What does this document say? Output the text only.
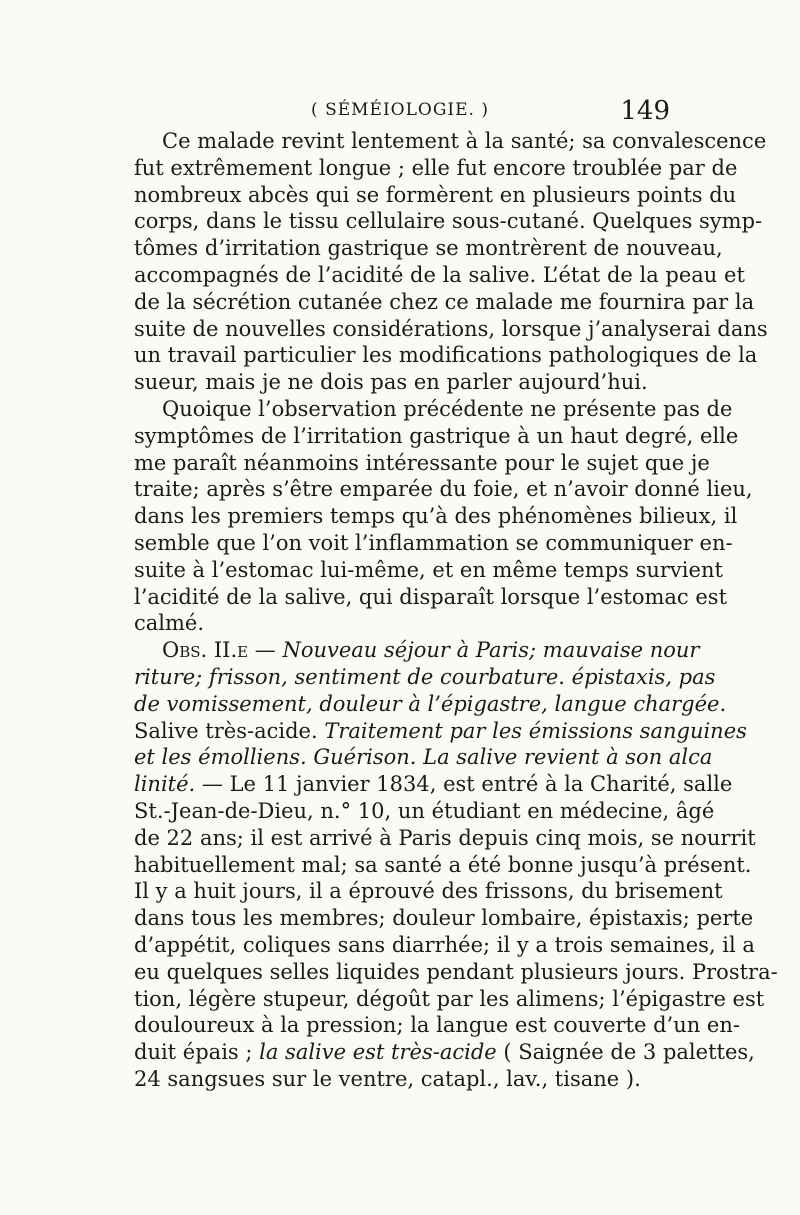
( SÉMÉIOLOGIE. )	149
Ce malade revint lentement à la santé; sa convalescence
fut extrêmement longue ; elle fut encore troublée par de
nombreux abcès qui se formèrent en plusieurs points du
corps, dans le tissu cellulaire sous-cutané. Quelques symp-
tômes d’irritation gastrique se montrèrent de nouveau,
accompagnés de l’acidité de la salive. L’état de la peau et
de la sécrétion cutanée chez ce malade me fournira par la
suite de nouvelles considérations, lorsque j’analyserai dans
un travail particulier les modifications pathologiques de la
sueur, mais je ne dois pas en parler aujourd’hui.
Quoique l’observation précédente ne présente pas de
symptômes de l’irritation gastrique à un haut degré, elle
me paraît néanmoins intéressante pour le sujet que je
traite; après s’être emparée du foie, et n’avoir donné lieu,
dans les premiers temps qu’à des phénomènes bilieux, il
semble que l’on voit l’inflammation se communiquer en-
suite à l’estomac lui-même, et en même temps survient
l’acidité de la salive, qui disparaît lorsque l’estomac est
calmé.
Obs. II.e — Nouveau séjour à Paris; mauvaise nour
riture; frisson, sentiment de courbature. épistaxis, pas
de vomissement, douleur à l’épigastre, langue chargée.
Salive très-acide. Traitement par les émissions sanguines
et les émolliens. Guérison. La salive revient à son alca
linité. — Le 11 janvier 1834, est entré à la Charité, salle
St.-Jean-de-Dieu, n.° 10, un étudiant en médecine, âgé
de 22 ans; il est arrivé à Paris depuis cinq mois, se nourrit
habituellement mal; sa santé a été bonne jusqu’à présent.
Il y a huit jours, il a éprouvé des frissons, du brisement
dans tous les membres; douleur lombaire, épistaxis; perte
d’appétit, coliques sans diarrhée; il y a trois semaines, il a
eu quelques selles liquides pendant plusieurs jours. Prostra-
tion, légère stupeur, dégoût par les alimens; l’épigastre est
douloureux à la pression; la langue est couverte d’un en-
duit épais ; la salive est très-acide ( Saignée de 3 palettes,
24 sangsues sur le ventre, catapl., lav., tisane ).
